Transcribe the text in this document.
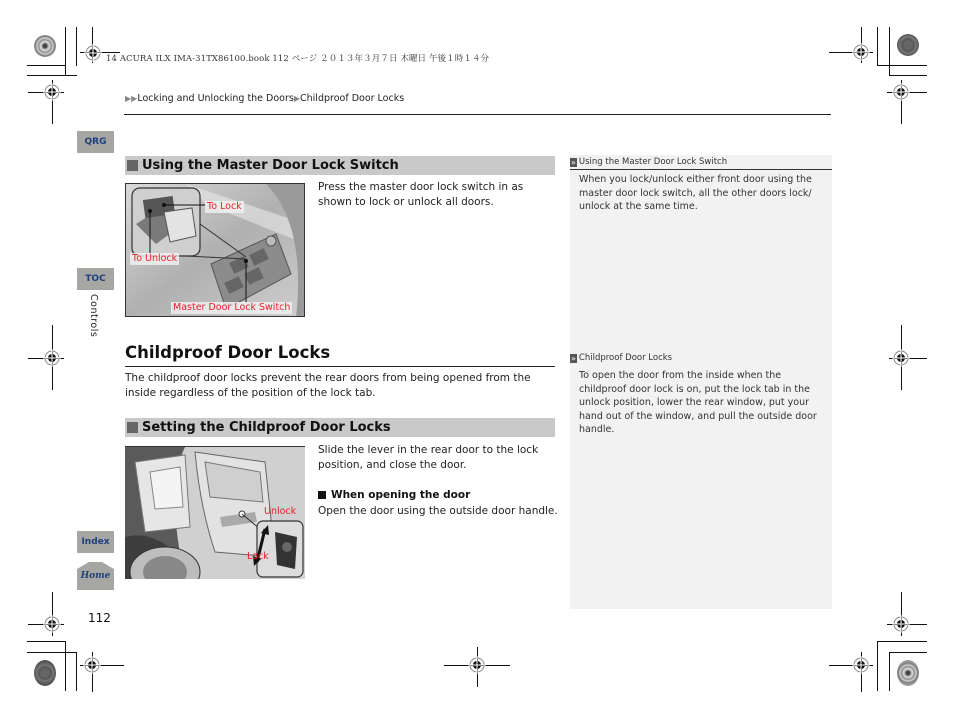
14 ACURA ILX IMA-31TX86100.book 112 ページ ２０１３年３月７日 木曜日 午後１時１４分
▶▶Locking and Unlocking the Doors▶Childproof Door Locks
QRG
TOC
Controls
Index
Home
Using the Master Door Lock Switch
To Lock
To Unlock
Master Door Lock Switch
Press the master door lock switch in as shown to lock or unlock all doors.
Childproof Door Locks
The childproof door locks prevent the rear doors from being opened from the inside regardless of the position of the lock tab.
Setting the Childproof Door Locks
Unlock
Lock
Slide the lever in the rear door to the lock position, and close the door.
When opening the door
Open the door using the outside door handle.
» Using the Master Door Lock Switch
When you lock/unlock either front door using the master door lock switch, all the other doors lock/ unlock at the same time.
» Childproof Door Locks
To open the door from the inside when the childproof door lock is on, put the lock tab in the unlock position, lower the rear window, put your hand out of the window, and pull the outside door handle.
112
